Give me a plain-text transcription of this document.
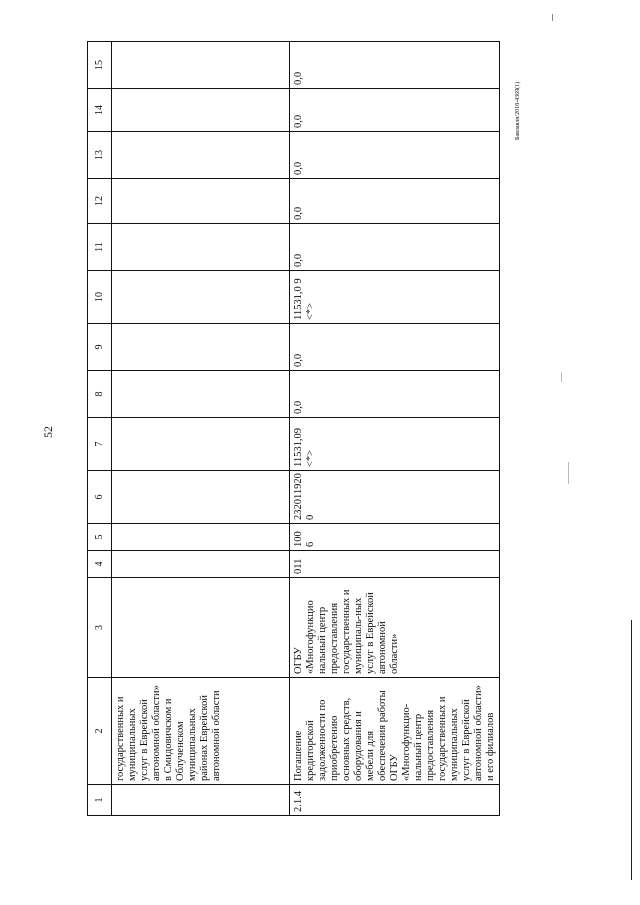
52
Бавлавлн/2018-4369(1)
1	2	3	4	5	6	7	8	9	10	11	12	13	14	15
	государственных и муниципальных услуг в Еврейской автономной области» в Смидовичском и Облученском муниципальных районах Еврейской автономной области													
2.1.4	Погашение кредиторской задолженности по приобретению основных средств, оборудования и мебели для обеспечения работы ОГБУ «Многофункцио-нальный центр предоставления государственных и муниципальных услуг в Еврейской автономной области» и его филиалов	ОГБУ «Многофункцио нальный центр предоставления государственных и муниципаль-ных услуг в Еврейской автономной области»	011	100 6	232011920 0	11531,09 <*>	0,0	0,0	11531,0 9 <*>	0,0	0,0	0,0	0,0	0,0
